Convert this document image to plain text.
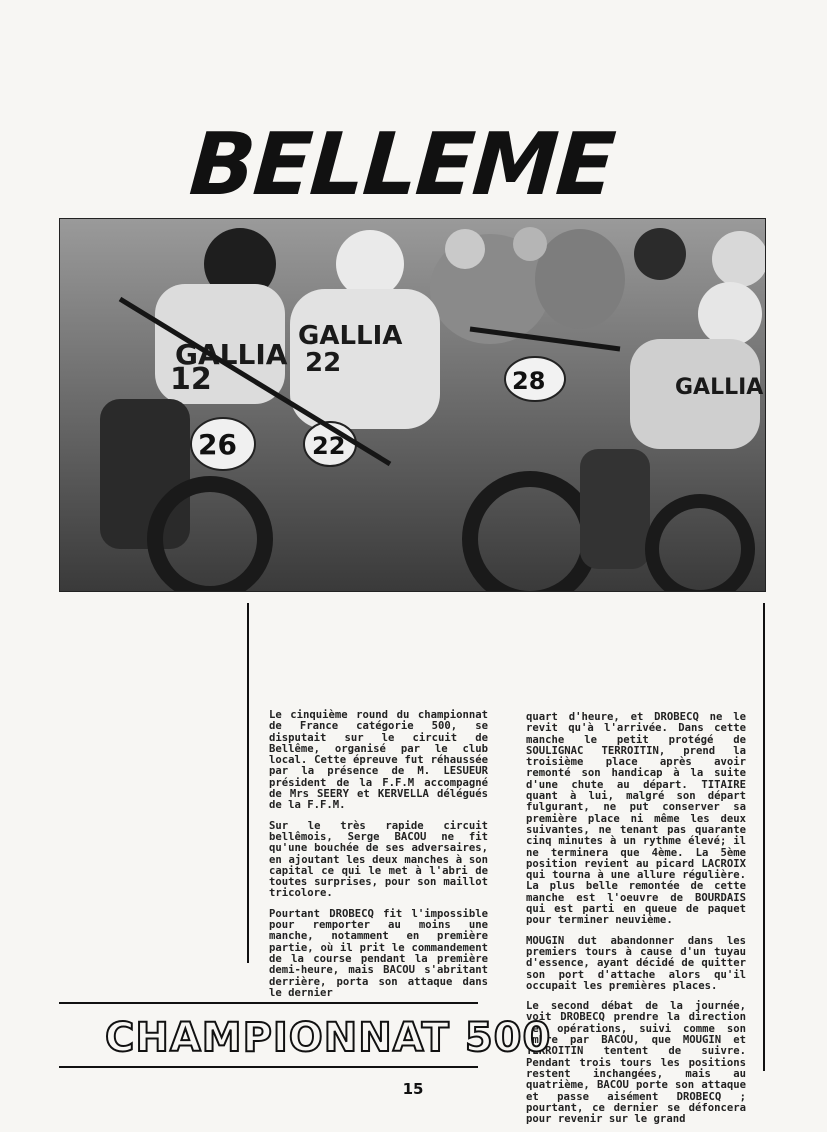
BELLEME
GALLIA
12
GALLIA
22
26	22
28	GALLIA

Le cinquième round du championnat de France catégorie 500, se disputait sur le circuit de Bellême, organisé par le club local. Cette épreuve fut réhaussée par la présence de M. LESUEUR président de la F.F.M accompagné de Mrs SEERY et KERVELLA délégués de la F.F.M.

Sur le très rapide circuit bellêmois, Serge BACOU ne fit qu'une bouchée de ses adversaires, en ajoutant les deux manches à son capital ce qui le met à l'abri de toutes surprises, pour son maillot tricolore.

Pourtant DROBECQ fit l'impossible pour remporter au moins une manche, notamment en première partie, où il prit le commandement de la course pendant la première demi-heure, mais BACOU s'abritant derrière, porta son attaque dans le dernier

quart d'heure, et DROBECQ ne le revit qu'à l'arrivée. Dans cette manche le petit protégé de SOULIGNAC TERROITIN, prend la troisième place après avoir remonté son handicap à la suite d'une chute au départ. TITAIRE quant à lui, malgré son départ fulgurant, ne put conserver sa première place ni même les deux suivantes, ne tenant pas quarante cinq minutes à un rythme élevé; il ne terminera que 4ème. La 5ème position revient au picard LACROIX qui tourna à une allure régulière. La plus belle remontée de cette manche est l'oeuvre de BOURDAIS qui est parti en queue de paquet pour terminer neuvième.

MOUGIN dut abandonner dans les premiers tours à cause d'un tuyau d'essence, ayant décidé de quitter son port d'attache alors qu'il occupait les premières places.

Le second débat de la journée, voit DROBECQ prendre la direction des opérations, suivi comme son ombre par BACOU, que MOUGIN et TERROITIN tentent de suivre. Pendant trois tours les positions restent inchangées, mais au quatrième, BACOU porte son attaque et passe aisément DROBECQ ; pourtant, ce dernier se défoncera pour revenir sur le grand

CHAMPIONNAT 500
15
